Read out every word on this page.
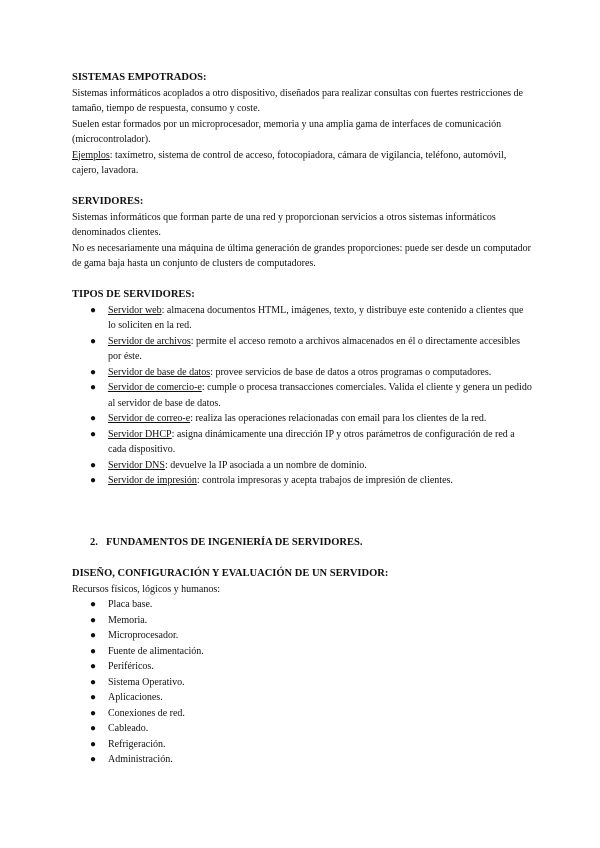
SISTEMAS EMPOTRADOS:

Sistemas informáticos acoplados a otro dispositivo, diseñados para realizar consultas con fuertes restricciones de tamaño, tiempo de respuesta, consumo y coste.

Suelen estar formados por un microprocesador, memoria y una amplia gama de interfaces de comunicación (microcontrolador).

Ejemplos: taxímetro, sistema de control de acceso, fotocopiadora, cámara de vigilancia, teléfono, automóvil, cajero, lavadora.

SERVIDORES:

Sistemas informáticos que forman parte de una red y proporcionan servicios a otros sistemas informáticos denominados clientes.

No es necesariamente una máquina de última generación de grandes proporciones: puede ser desde un computador de gama baja hasta un conjunto de clusters de computadores.

TIPOS DE SERVIDORES:

● Servidor web: almacena documentos HTML, imágenes, texto, y distribuye este contenido a clientes que lo soliciten en la red.
● Servidor de archivos: permite el acceso remoto a archivos almacenados en él o directamente accesibles por éste.
● Servidor de base de datos: provee servicios de base de datos a otros programas o computadores.
● Servidor de comercio-e: cumple o procesa transacciones comerciales. Valida el cliente y genera un pedido al servidor de base de datos.
● Servidor de correo-e: realiza las operaciones relacionadas con email para los clientes de la red.
● Servidor DHCP: asigna dinámicamente una dirección IP y otros parámetros de configuración de red a cada dispositivo.
● Servidor DNS: devuelve la IP asociada a un nombre de dominio.
● Servidor de impresión: controla impresoras y acepta trabajos de impresión de clientes.

2. FUNDAMENTOS DE INGENIERÍA DE SERVIDORES.

DISEÑO, CONFIGURACIÓN Y EVALUACIÓN DE UN SERVIDOR:

Recursos físicos, lógicos y humanos:

● Placa base.
● Memoria.
● Microprocesador.
● Fuente de alimentación.
● Periféricos.
● Sistema Operativo.
● Aplicaciones.
● Conexiones de red.
● Cableado.
● Refrigeración.
● Administración.
